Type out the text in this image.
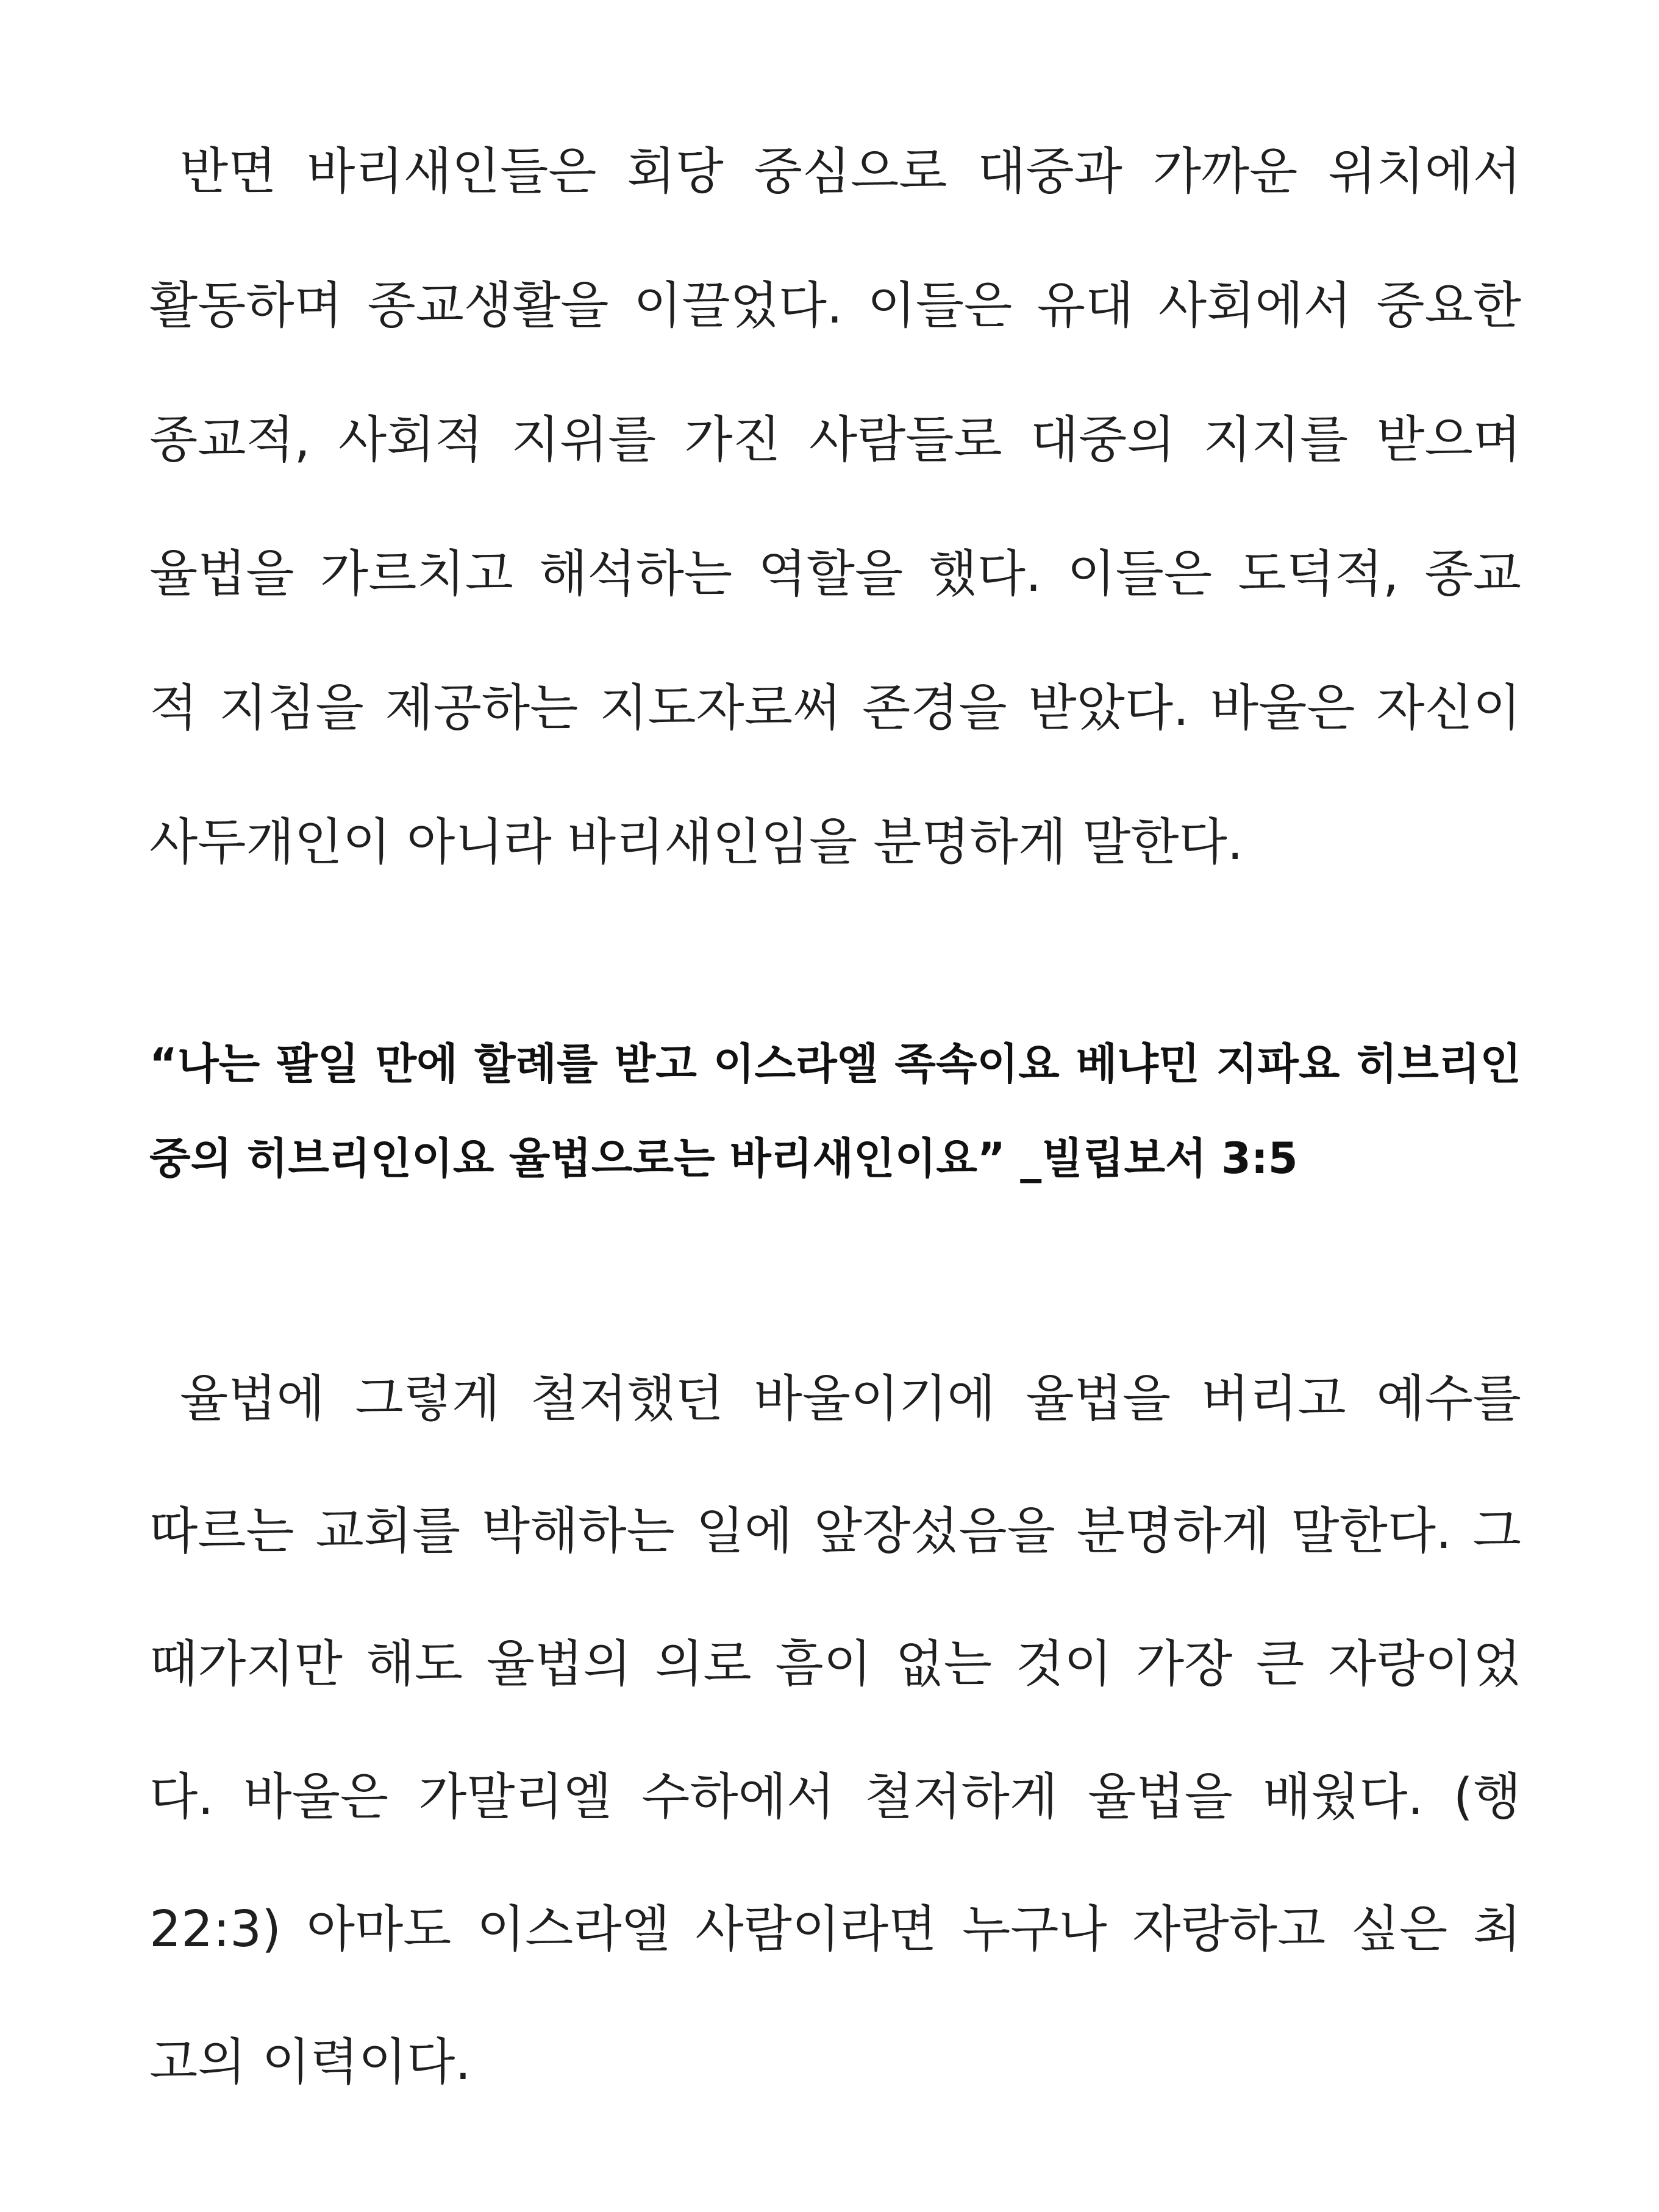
반면 바리새인들은 회당 중심으로 대중과 가까운 위치에서
활동하며 종교생활을 이끌었다. 이들은 유대 사회에서 중요한
종교적, 사회적 지위를 가진 사람들로 대중의 지지를 받으며
율법을 가르치고 해석하는 역할을 했다. 이들은 도덕적, 종교
적 지침을 제공하는 지도자로써 존경을 받았다. 바울은 자신이
사두개인이 아니라 바리새인임을 분명하게 말한다.
“나는 팔일 만에 할례를 받고 이스라엘 족속이요 베냐민 지파요 히브리인
중의 히브리인이요 율법으로는 바리새인이요” _빌립보서 3:5
율법에 그렇게 철저했던 바울이기에 율법을 버리고 예수를
따르는 교회를 박해하는 일에 앞장섰음을 분명하게 말한다. 그
때가지만 해도 율법의 의로 흠이 없는 것이 가장 큰 자랑이었
다. 바울은 가말리엘 수하에서 철저하게 율법을 배웠다. (행
22:3) 아마도 이스라엘 사람이라면 누구나 자랑하고 싶은 최
고의 이력이다.
